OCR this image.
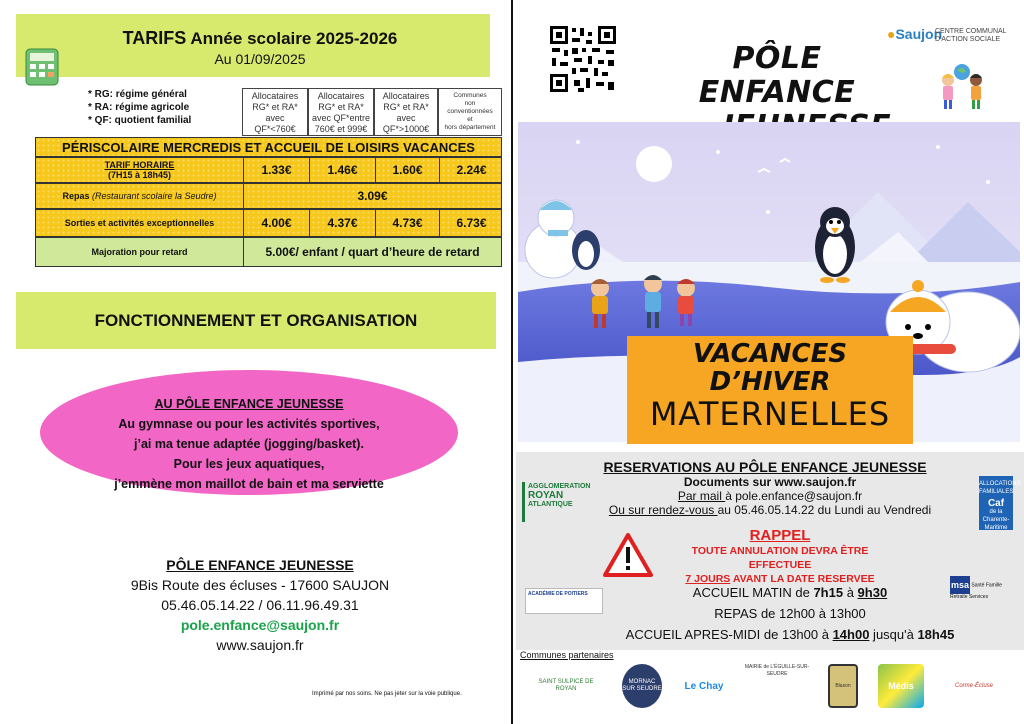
TARIFS Année scolaire 2025-2026
Au 01/09/2025
* RG: régime général
* RA: régime agricole
* QF: quotient familial
Allocataires
RG* et RA*
avec
QF*<760€
Allocataires
RG* et RA*
avec QF*entre
760€ et 999€
Allocataires
RG* et RA*
avec
QF*>1000€
Communes
non
conventionnées
et
hors département
PÉRISCOLAIRE MERCREDIS ET ACCUEIL DE LOISIRS VACANCES
TARIF HORAIRE
(7H15 à 18h45)	1.33€	1.46€	1.60€	2.24€
Repas (Restaurant scolaire la Seudre)	3.09€
Sorties et activités exceptionnelles	4.00€	4.37€	4.73€	6.73€
Majoration pour retard	5.00€/ enfant / quart d’heure de retard
FONCTIONNEMENT ET ORGANISATION
AU PÔLE ENFANCE JEUNESSE
Au gymnase ou pour les activités sportives,
j’ai ma tenue adaptée (jogging/basket).
Pour les jeux aquatiques,
j’emmène mon maillot de bain et ma serviette
PÔLE ENFANCE JEUNESSE
9Bis Route des écluses - 17600 SAUJON
05.46.05.14.22 / 06.11.96.49.31
pole.enfance@saujon.fr
www.saujon.fr
Imprimé par nos soins. Ne pas jeter sur la voie publique.
PÔLE ENFANCE
●Saujon
CENTRE COMMUNAL
D'ACTION SOCIALE
VACANCES
D’HIVER
MATERNELLES
RESERVATIONS AU PÔLE ENFANCE JEUNESSE
Documents sur www.saujon.fr
Par mail à pole.enfance@saujon.fr
Ou sur rendez-vous au 05.46.05.14.22 du Lundi au Vendredi
AGGLOMERATION
ROYAN
ATLANTIQUE
ALLOCATIONS FAMILIALES
Caf
de la Charente-Maritime
RAPPEL
TOUTE ANNULATION DEVRA ÊTRE EFFECTUEE
7 JOURS AVANT LA DATE RESERVEE
ACADÉMIE DE POITIERS
msa Santé Famille Retraite Services
ACCUEIL MATIN de 7h15 à 9h30
REPAS de 12h00 à 13h00
ACCUEIL APRES-MIDI de 13h00 à 14h00 jusqu'à 18h45
Communes partenaires
SAINT SULPICE DE ROYAN
MORNAC SUR SEUDRE Le Chay
MAIRIE de L'ÉGUILLE-SUR-SEUDRE
Blason	Médis	Corme-Écluse
